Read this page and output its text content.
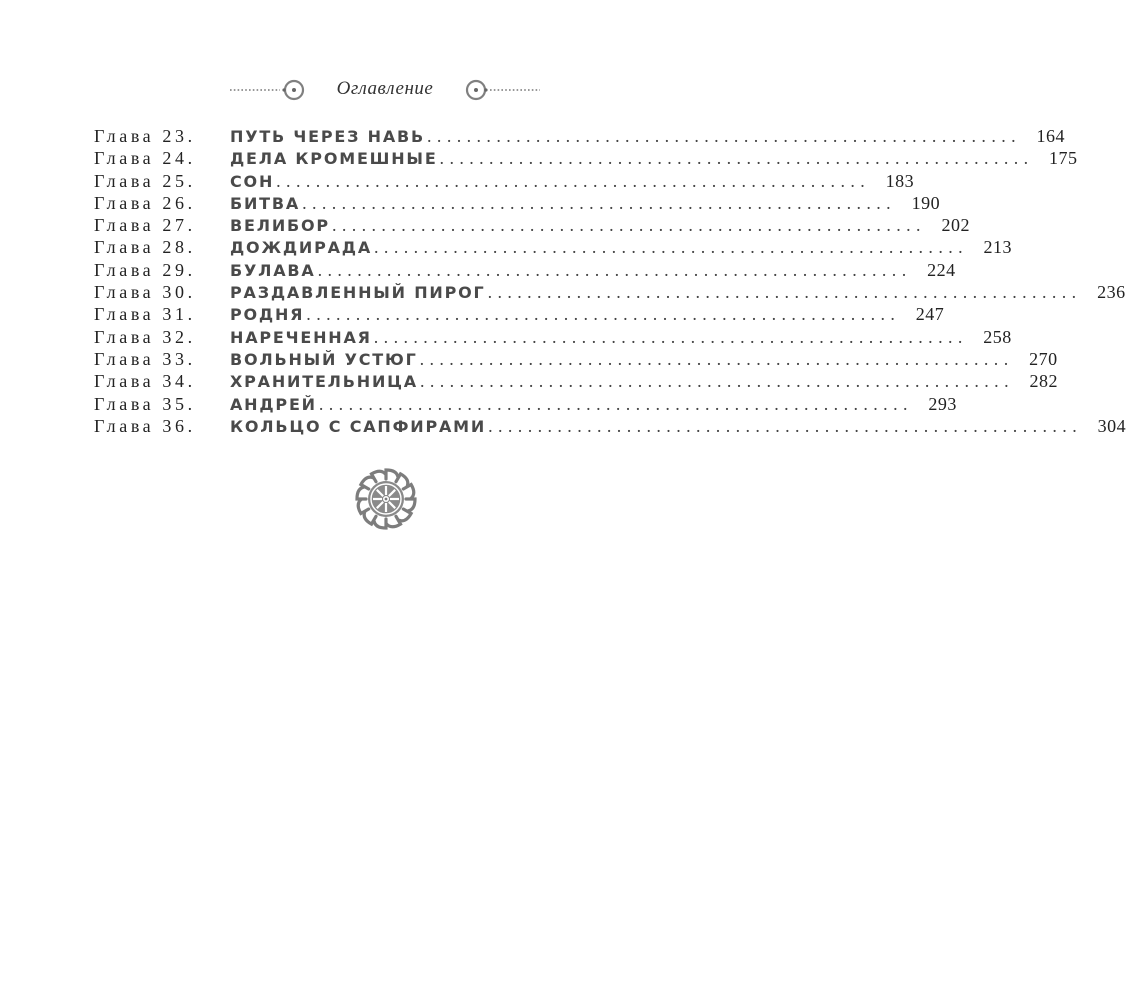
Оглавление
Глава 23.	ПУТЬ ЧЕРЕЗ НАВЬ ............................................................ 164
Глава 24.	ДЕЛА КРОМЕШНЫЕ ............................................................ 175
Глава 25.	СОН ............................................................ 183
Глава 26.	БИТВА ............................................................ 190
Глава 27.	ВЕЛИБОР ............................................................ 202
Глава 28.	ДОЖДИРАДА ............................................................ 213
Глава 29.	БУЛАВА ............................................................ 224
Глава 30.	РАЗДАВЛЕННЫЙ ПИРОГ ............................................................ 236
Глава 31.	РОДНЯ ............................................................ 247
Глава 32.	НАРЕЧЕННАЯ ............................................................ 258
Глава 33.	ВОЛЬНЫЙ УСТЮГ ............................................................ 270
Глава 34.	ХРАНИТЕЛЬНИЦА ............................................................ 282
Глава 35.	АНДРЕЙ ............................................................ 293
Глава 36.	КОЛЬЦО С САПФИРАМИ ............................................................ 304
